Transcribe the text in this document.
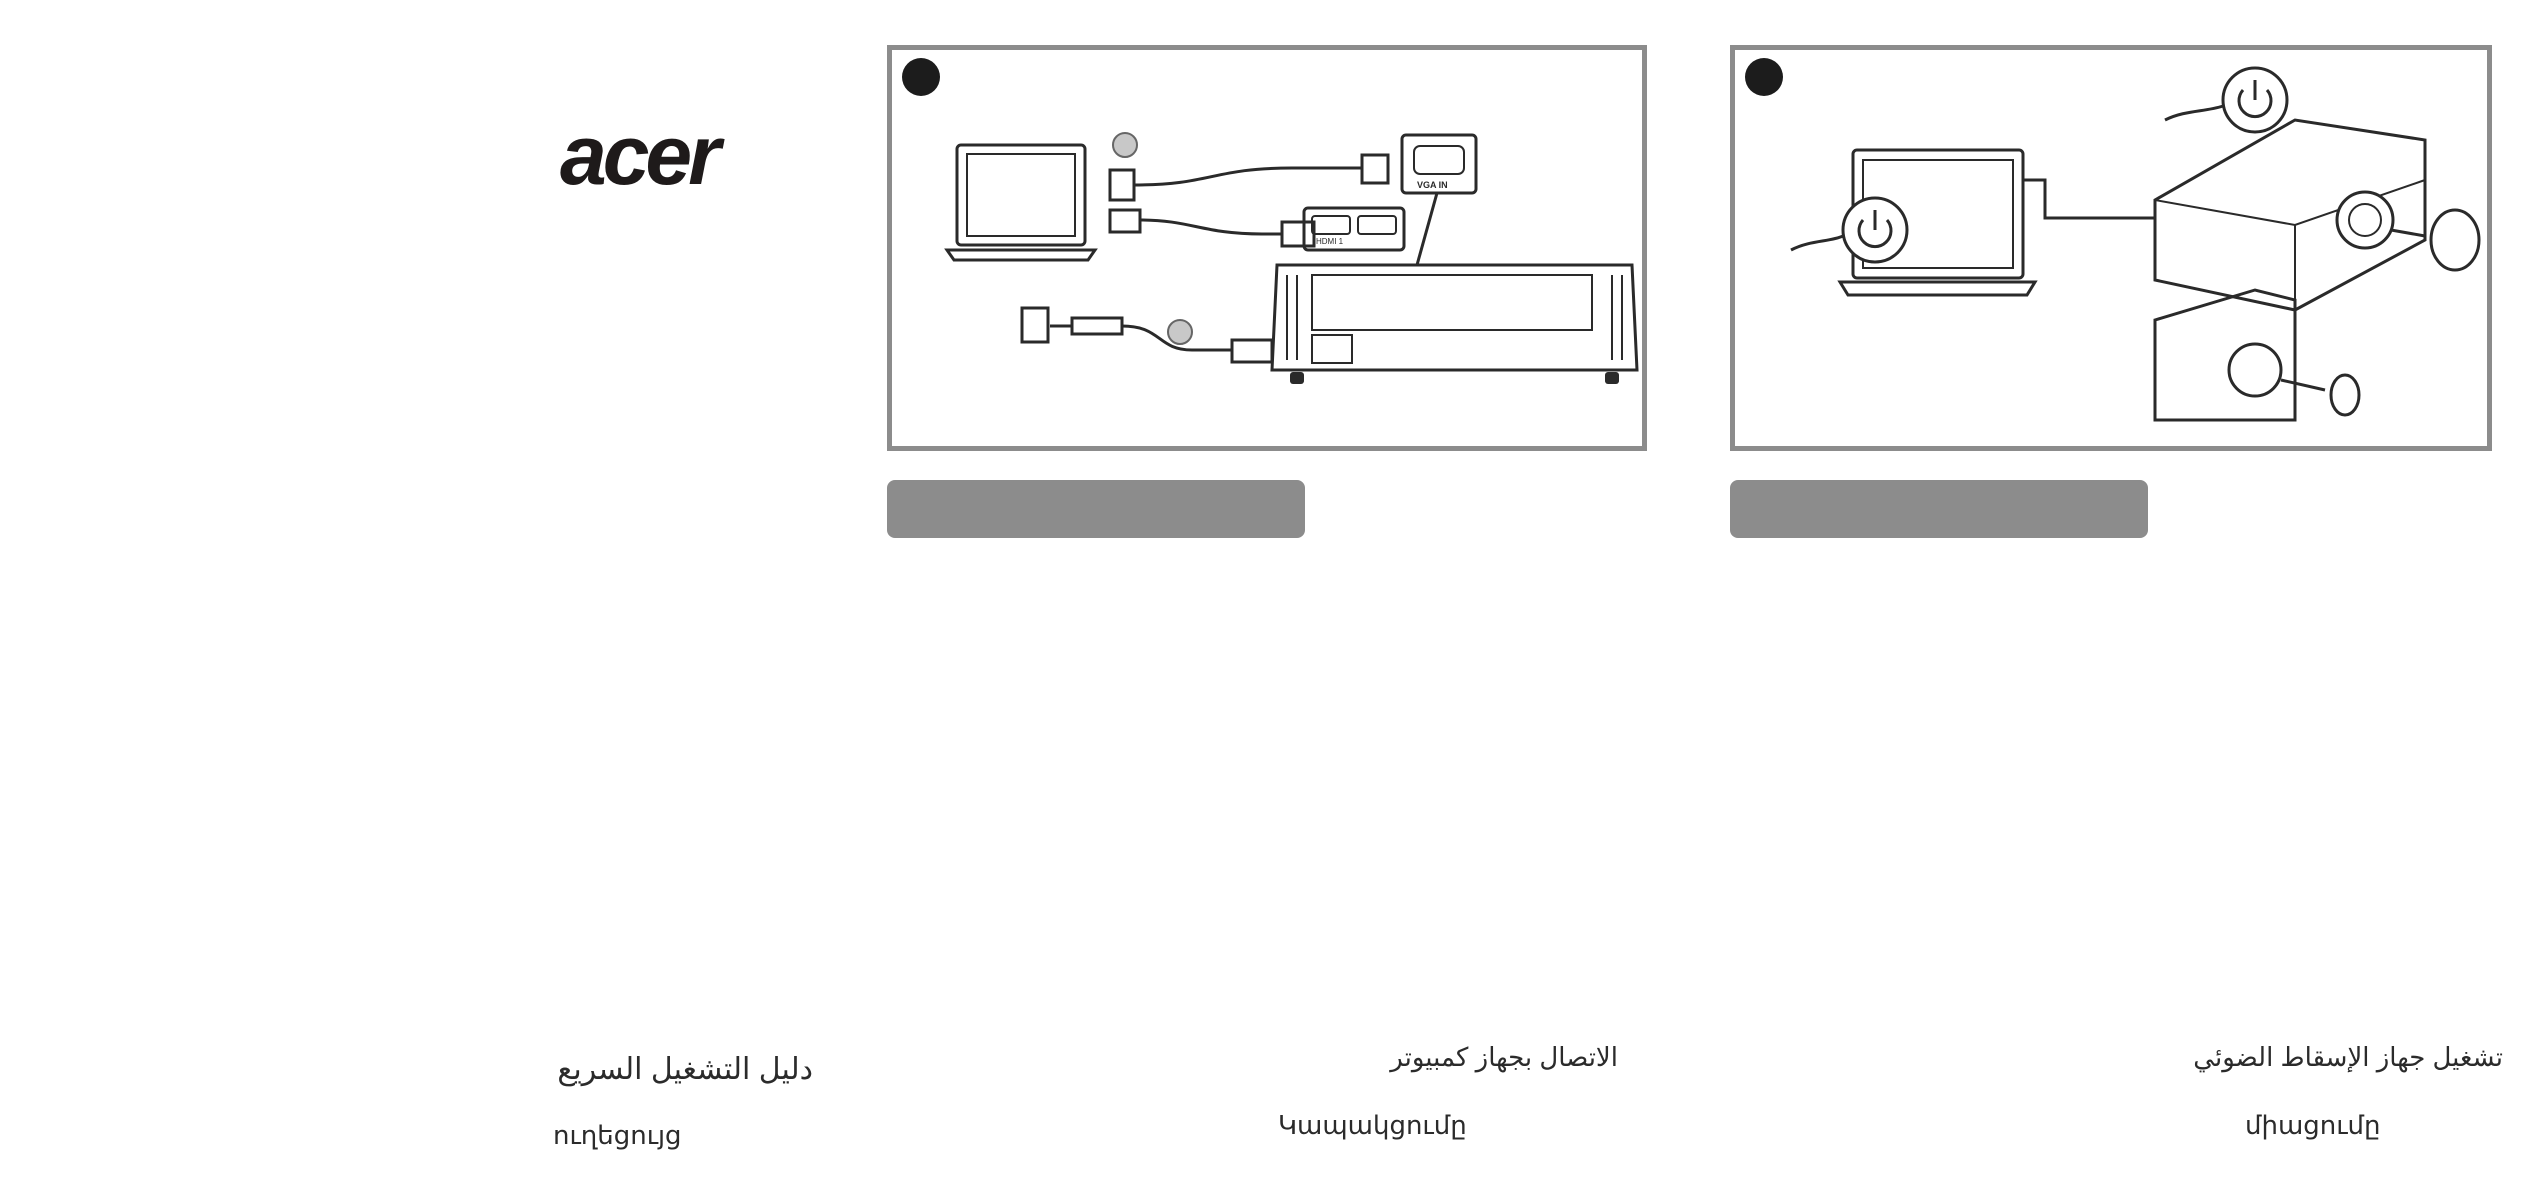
acer	VGA IN
HDMI 1
دليل التشغيل السريع
ուղեցույց
الاتصال بجهاز كمبيوتر
Կապակցումը
تشغيل جهاز الإسقاط الضوئي
միացումը
